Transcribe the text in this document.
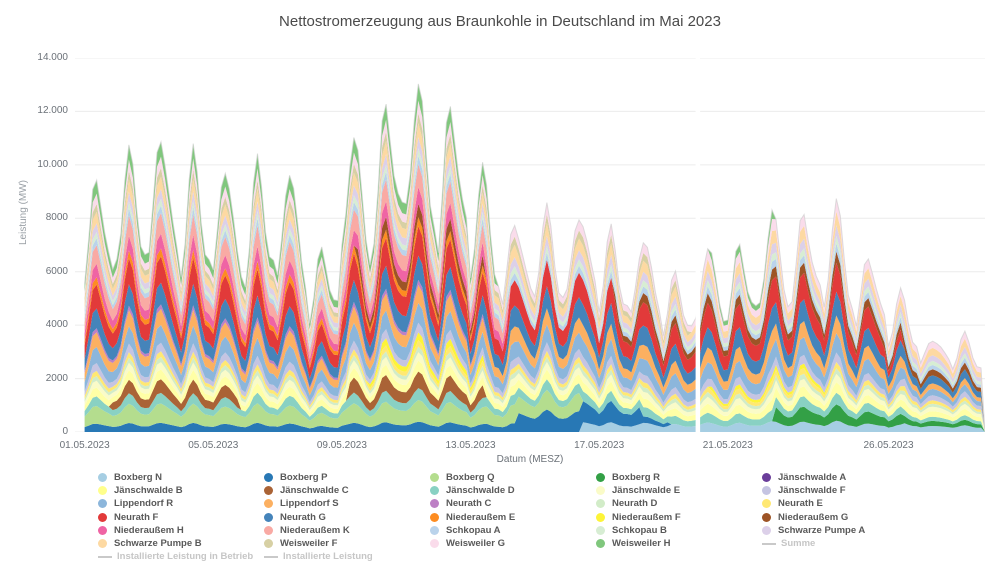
Nettostromerzeugung aus Braunkohle in Deutschland im Mai 2023
Leistung (MW)
14.000
12.000
10.000
8000
6000
4000
2000
0
01.05.2023	05.05.2023	09.05.2023	13.05.2023	17.05.2023	21.05.2023	26.05.2023
Datum (MESZ)
Boxberg N	Boxberg P	Boxberg Q	Boxberg R	Jänschwalde A
Jänschwalde B	Jänschwalde C	Jänschwalde D	Jänschwalde E	Jänschwalde F
Lippendorf R	Lippendorf S	Neurath C	Neurath D	Neurath E
Neurath F	Neurath G	Niederaußem E	Niederaußem F	Niederaußem G
Niederaußem H	Niederaußem K	Schkopau A	Schkopau B	Schwarze Pumpe A
Schwarze Pumpe B	Weisweiler F	Weisweiler G	Weisweiler H	Summe
Installierte Leistung in Betrieb	Installierte Leistung
